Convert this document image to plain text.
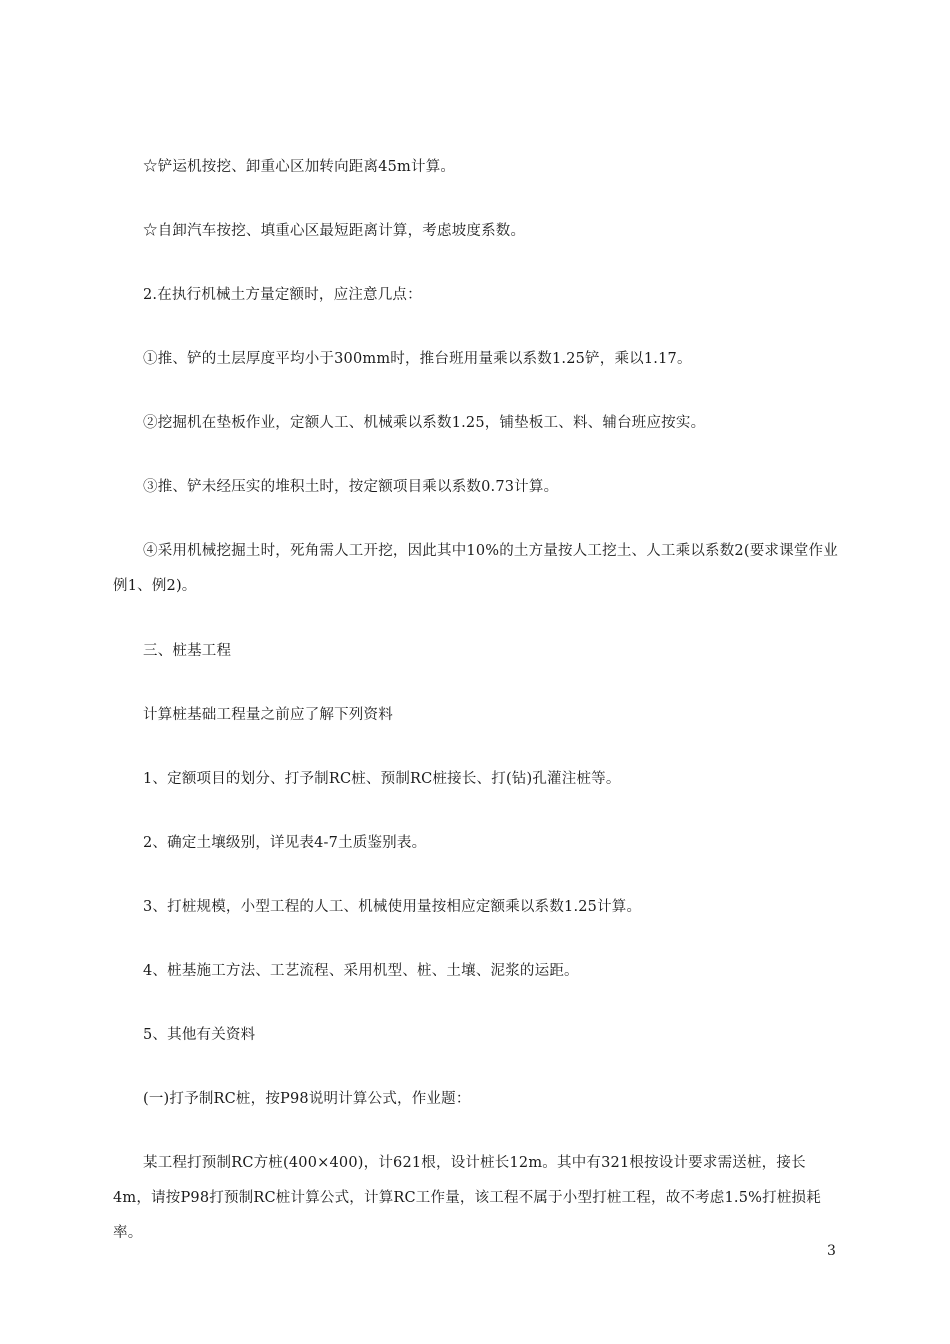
☆铲运机按挖、卸重心区加转向距离45m计算。

☆自卸汽车按挖、填重心区最短距离计算，考虑坡度系数。

2.在执行机械土方量定额时，应注意几点：

①推、铲的土层厚度平均小于300mm时，推台班用量乘以系数1.25铲，乘以1.17。

②挖掘机在垫板作业，定额人工、机械乘以系数1.25，铺垫板工、料、辅台班应按实。

③推、铲未经压实的堆积土时，按定额项目乘以系数0.73计算。

④采用机械挖掘土时，死角需人工开挖，因此其中10%的土方量按人工挖土、人工乘以系数2(要求课堂作业例1、例2)。

三、桩基工程

计算桩基础工程量之前应了解下列资料

1、定额项目的划分、打予制RC桩、预制RC桩接长、打(钻)孔灌注桩等。

2、确定土壤级别，详见表4-7土质鉴别表。

3、打桩规模，小型工程的人工、机械使用量按相应定额乘以系数1.25计算。

4、桩基施工方法、工艺流程、采用机型、桩、土壤、泥浆的运距。

5、其他有关资料

(一)打予制RC桩，按P98说明计算公式，作业题：

某工程打预制RC方桩(400×400)，计621根，设计桩长12m。其中有321根按设计要求需送桩，接长4m，请按P98打预制RC桩计算公式，计算RC工作量，该工程不属于小型打桩工程，故不考虑1.5%打桩损耗率。

3
